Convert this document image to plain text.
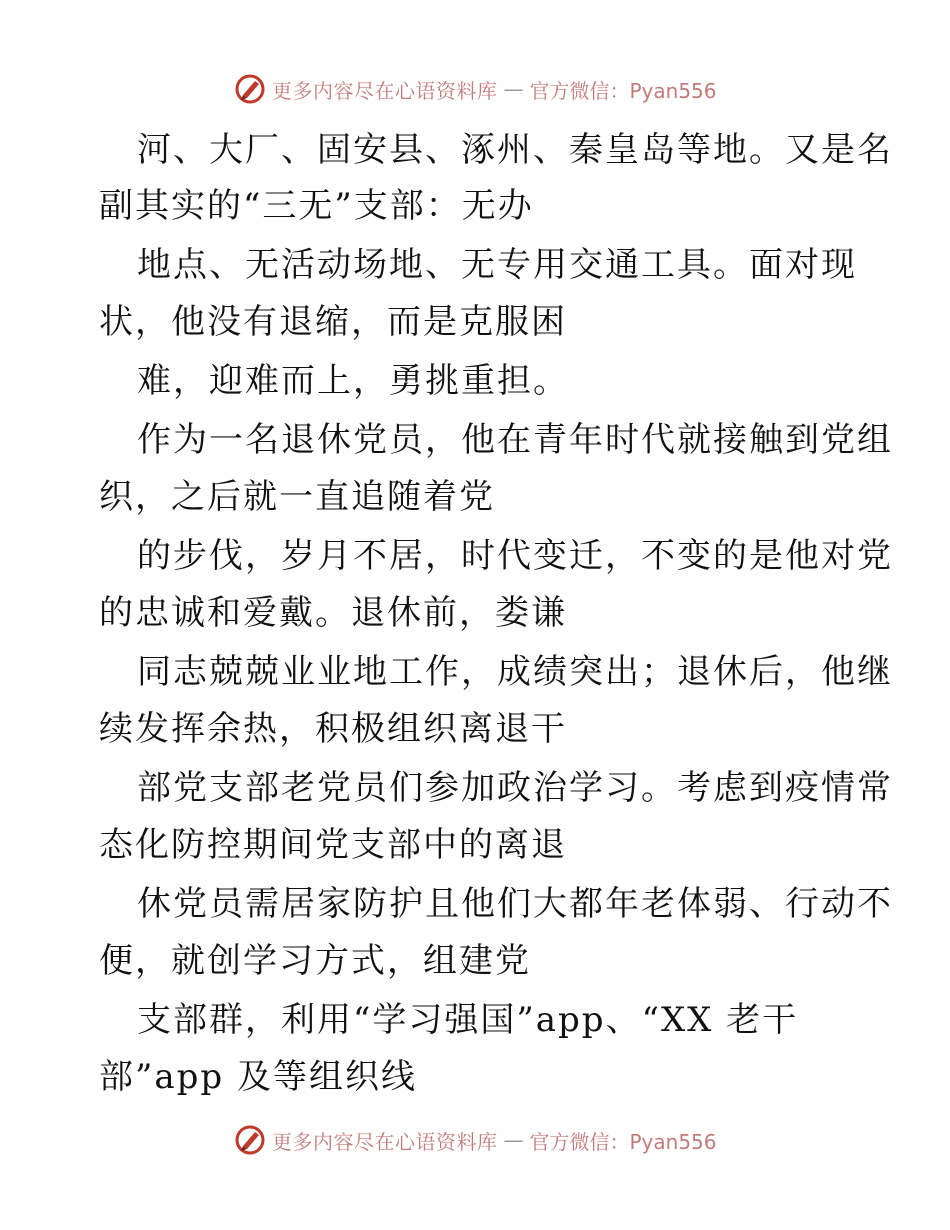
更多内容尽在心语资料库 — 官方微信：Pyan556
河、大厂、固安县、涿州、秦皇岛等地。又是名
副其实的“三无”支部：无办
地点、无活动场地、无专用交通工具。面对现
状，他没有退缩，而是克服困
难，迎难而上，勇挑重担。
作为一名退休党员，他在青年时代就接触到党组
织，之后就一直追随着党
的步伐，岁月不居，时代变迁，不变的是他对党
的忠诚和爱戴。退休前，娄谦
同志兢兢业业地工作，成绩突出；退休后，他继
续发挥余热，积极组织离退干
部党支部老党员们参加政治学习。考虑到疫情常
态化防控期间党支部中的离退
休党员需居家防护且他们大都年老体弱、行动不
便，就创学习方式，组建党
支部群，利用“学习强国”app、“XX 老干
部”app 及等组织线
更多内容尽在心语资料库 — 官方微信：Pyan556
